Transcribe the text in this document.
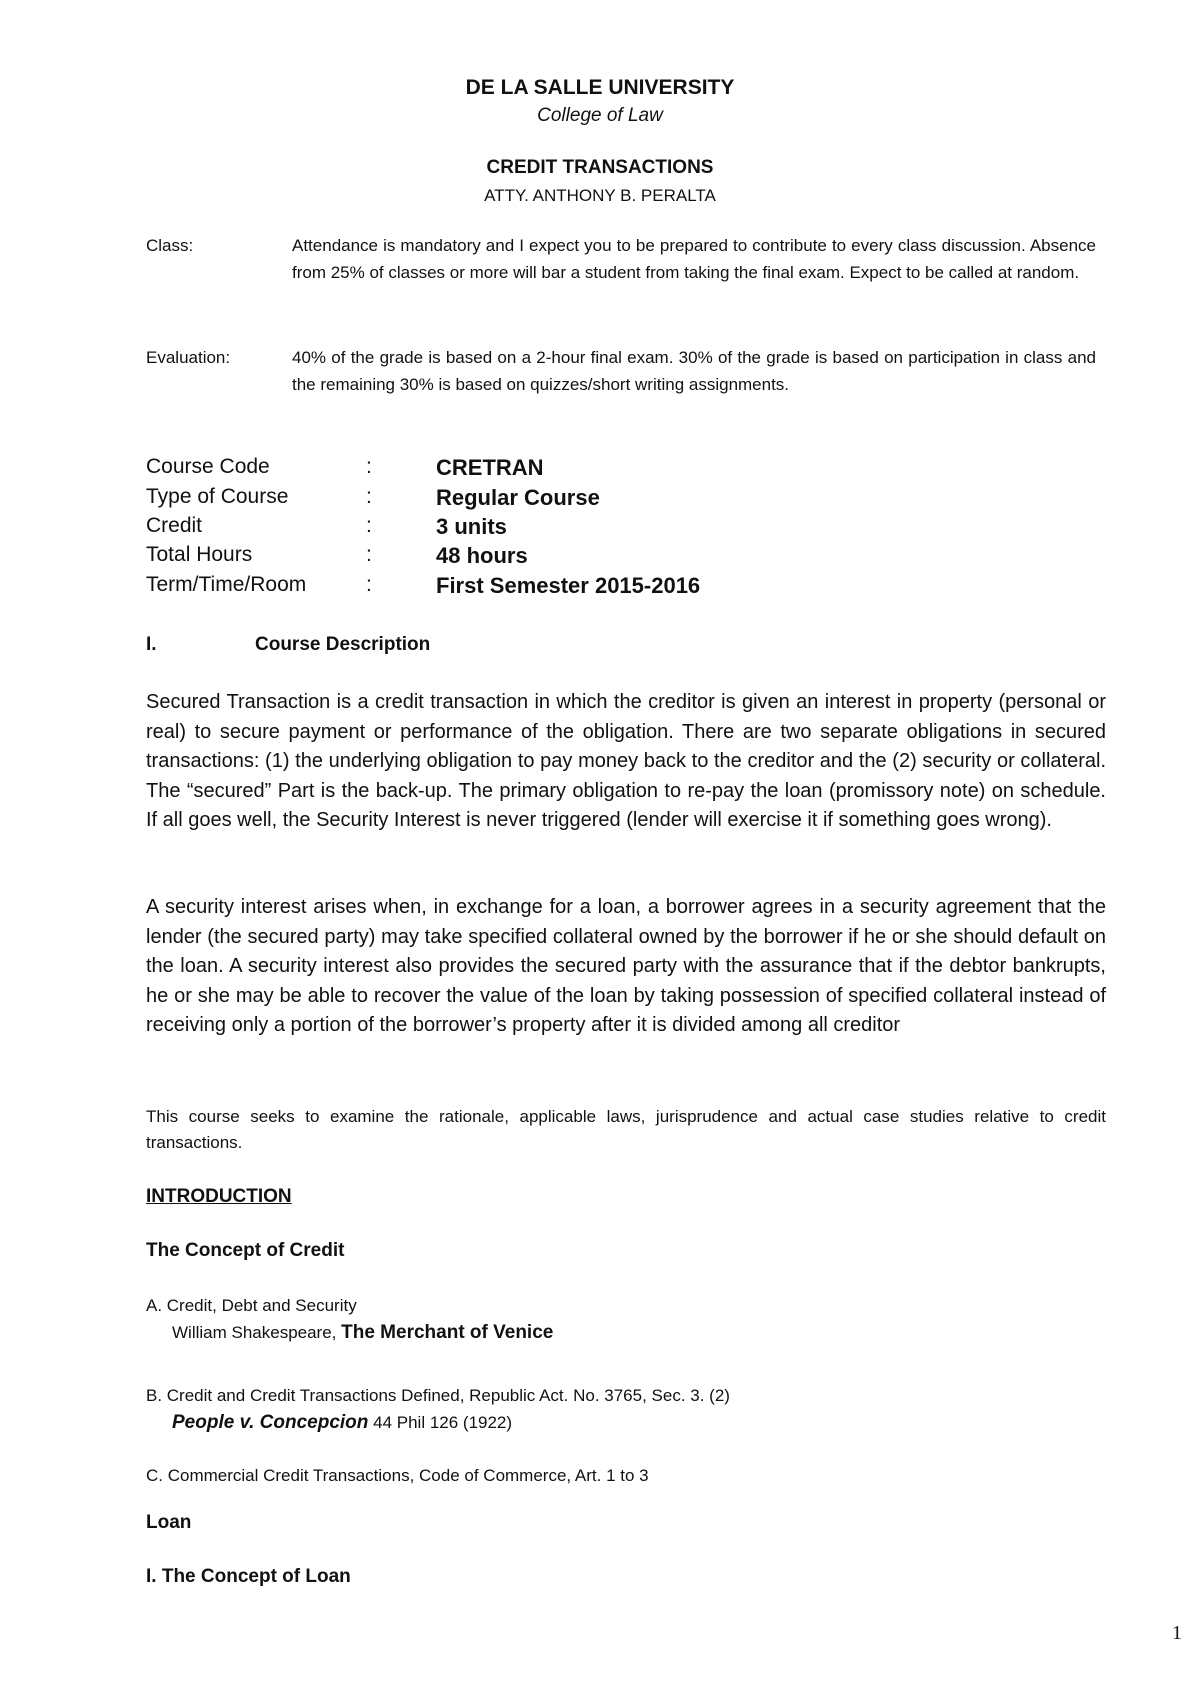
DE LA SALLE UNIVERSITY
College of Law
CREDIT TRANSACTIONS
ATTY. ANTHONY B. PERALTA
Class:	Attendance is mandatory and I expect you to be prepared to contribute to every class discussion. Absence from 25% of classes or more will bar a student from taking the final exam. Expect to be called at random.
Evaluation:	40% of the grade is based on a 2-hour final exam. 30% of the grade is based on participation in class and the remaining 30% is based on quizzes/short writing assignments.
Course Code	:	CRETRAN
Type of Course	:	Regular Course
Credit	:	3 units
Total Hours	:	48 hours
Term/Time/Room	:	First Semester 2015-2016
I.	Course Description
Secured Transaction is a credit transaction in which the creditor is given an interest in property (personal or real) to secure payment or performance of the obligation. There are two separate obligations in secured transactions: (1) the underlying obligation to pay money back to the creditor and the (2) security or collateral. The “secured” Part is the back-up. The primary obligation to re-pay the loan (promissory note) on schedule. If all goes well, the Security Interest is never triggered (lender will exercise it if something goes wrong).
A security interest arises when, in exchange for a loan, a borrower agrees in a security agreement that the lender (the secured party) may take specified collateral owned by the borrower if he or she should default on the loan. A security interest also provides the secured party with the assurance that if the debtor bankrupts, he or she may be able to recover the value of the loan by taking possession of specified collateral instead of receiving only a portion of the borrower’s property after it is divided among all creditor
This course seeks to examine the rationale, applicable laws, jurisprudence and actual case studies relative to credit transactions.
INTRODUCTION
The Concept of Credit
A. Credit, Debt and Security
William Shakespeare, The Merchant of Venice
B. Credit and Credit Transactions Defined, Republic Act. No. 3765, Sec. 3. (2)
People v. Concepcion 44 Phil 126 (1922)
C. Commercial Credit Transactions, Code of Commerce, Art. 1 to 3
Loan
I. The Concept of Loan
1
